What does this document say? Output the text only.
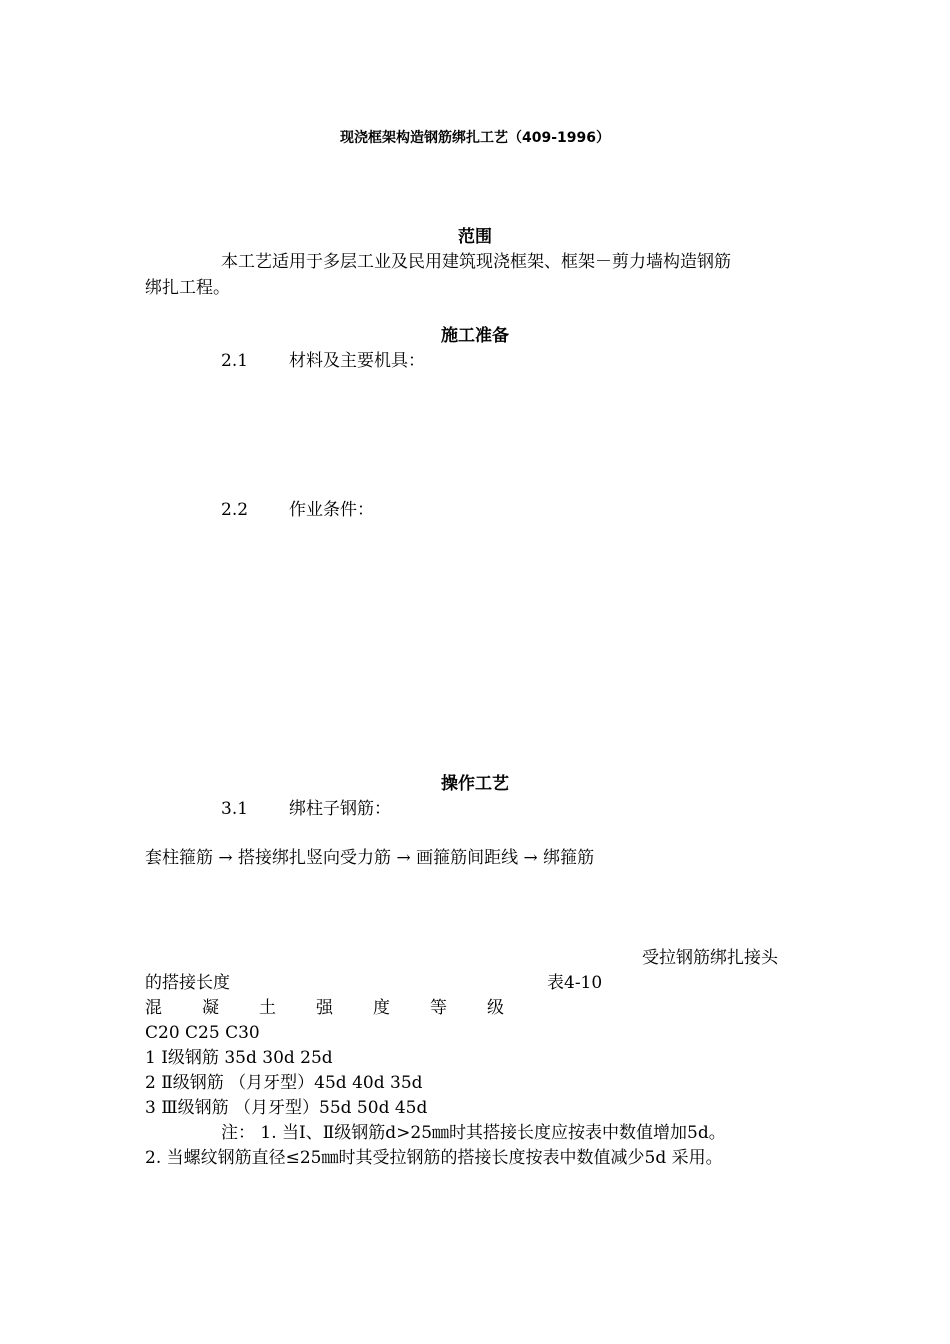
现浇框架构造钢筋绑扎工艺（409-1996）
范围
本工艺适用于多层工业及民用建筑现浇框架、框架－剪力墙构造钢筋
绑扎工程。
施工准备
2.1 材料及主要机具：
2.2 作业条件：
操作工艺
3.1 绑柱子钢筋：
套柱箍筋 → 搭接绑扎竖向受力筋 → 画箍筋间距线 → 绑箍筋
受拉钢筋绑扎接头
的搭接长度	表4-10
混 凝 土 强 度 等 级
C20 C25 C30
1 Ⅰ级钢筋 35d 30d 25d
2 Ⅱ级钢筋 （月牙型）45d 40d 35d
3 Ⅲ级钢筋 （月牙型）55d 50d 45d
注： 1. 当Ⅰ、Ⅱ级钢筋d>25㎜时其搭接长度应按表中数值增加5d。
2. 当螺纹钢筋直径≤25㎜时其受拉钢筋的搭接长度按表中数值减少5d 采用。
